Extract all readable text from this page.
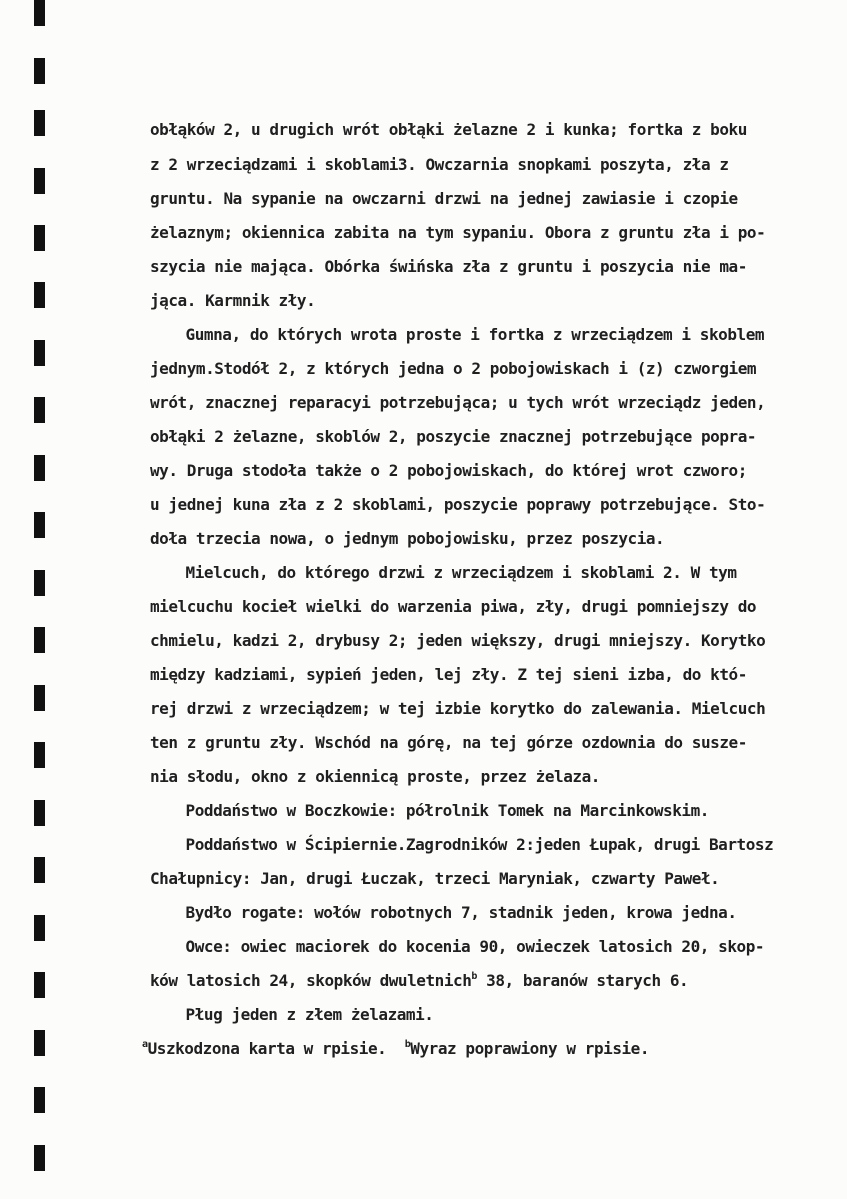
obłąków 2, u drugich wrót obłąki żelazne 2 i kunka; fortka z boku
z 2 wrzeciądzami i skoblami3. Owczarnia snopkami poszyta, zła z
gruntu. Na sypanie na owczarni drzwi na jednej zawiasie i czopie
żelaznym; okiennica zabita na tym sypaniu. Obora z gruntu zła i po-
szycia nie mająca. Obórka świńska zła z gruntu i poszycia nie ma-
jąca. Karmnik zły.
Gumna, do których wrota proste i fortka z wrzeciądzem i skoblem
jednym.Stodół 2, z których jedna o 2 pobojowiskach i (z) czworgiem
wrót, znacznej reparacyi potrzebująca; u tych wrót wrzeciądz jeden,
obłąki 2 żelazne, skoblów 2, poszycie znacznej potrzebujące popra-
wy. Druga stodoła także o 2 pobojowiskach, do której wrot czworo;
u jednej kuna zła z 2 skoblami, poszycie poprawy potrzebujące. Sto-
doła trzecia nowa, o jednym pobojowisku, przez poszycia.
Mielcuch, do którego drzwi z wrzeciądzem i skoblami 2. W tym
mielcuchu kocieł wielki do warzenia piwa, zły, drugi pomniejszy do
chmielu, kadzi 2, drybusy 2; jeden większy, drugi mniejszy. Korytko
między kadziami, sypień jeden, lej zły. Z tej sieni izba, do któ-
rej drzwi z wrzeciądzem; w tej izbie korytko do zalewania. Mielcuch
ten z gruntu zły. Wschód na górę, na tej górze ozdownia do suszе-
nia słodu, okno z okiennicą proste, przez żelaza.
Poddaństwo w Boczkowie: półrolnik Tomek na Marcinkowskim.
Poddaństwo w Ścipiernie.Zagrodników 2:jeden Łupak, drugi Bartosz
Chałupnicy: Jan, drugi Łuczak, trzeci Maryniak, czwarty Paweł.
Bydło rogate: wołów robotnych 7, stadnik jeden, krowa jedna.
Owce: owiec maciorek do kocenia 90, owieczek latosich 20, skop-
ków latosich 24, skopków dwuletnich$^b$ 38, baranów starych 6.
Pług jeden z złem żelazami.
$^a$Uszkodzona karta w rpisie. $^b$Wyraz poprawiony w rpisie.
